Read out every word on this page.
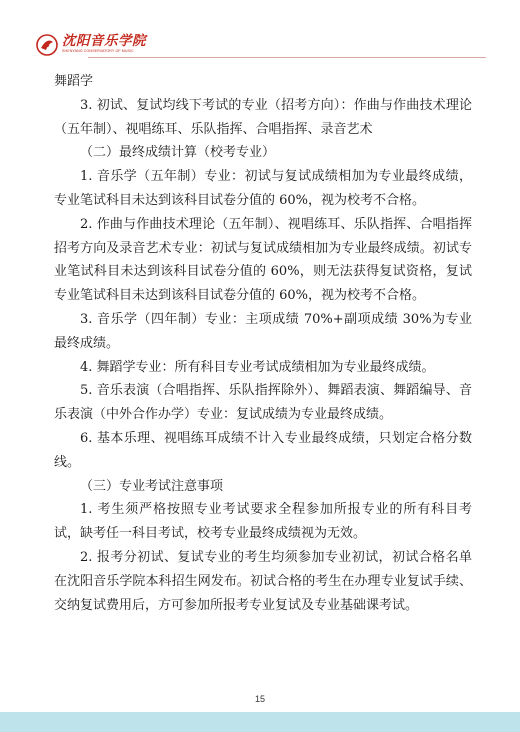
沈阳音乐学院
SHENYANG CONSERVATORY OF MUSIC

舞蹈学

3. 初试、复试均线下考试的专业（招考方向）：作曲与作曲技术理论（五年制）、视唱练耳、乐队指挥、合唱指挥、录音艺术

（二）最终成绩计算（校考专业）

1. 音乐学（五年制）专业：初试与复试成绩相加为专业最终成绩，专业笔试科目未达到该科目试卷分值的 60%，视为校考不合格。

2. 作曲与作曲技术理论（五年制）、视唱练耳、乐队指挥、合唱指挥招考方向及录音艺术专业：初试与复试成绩相加为专业最终成绩。初试专业笔试科目未达到该科目试卷分值的 60%，则无法获得复试资格，复试专业笔试科目未达到该科目试卷分值的 60%，视为校考不合格。

3. 音乐学（四年制）专业：主项成绩 70%+副项成绩 30%为专业最终成绩。

4. 舞蹈学专业：所有科目专业考试成绩相加为专业最终成绩。

5. 音乐表演（合唱指挥、乐队指挥除外）、舞蹈表演、舞蹈编导、音乐表演（中外合作办学）专业：复试成绩为专业最终成绩。

6. 基本乐理、视唱练耳成绩不计入专业最终成绩，只划定合格分数线。

（三）专业考试注意事项

1. 考生须严格按照专业考试要求全程参加所报专业的所有科目考试，缺考任一科目考试，校考专业最终成绩视为无效。

2. 报考分初试、复试专业的考生均须参加专业初试，初试合格名单在沈阳音乐学院本科招生网发布。初试合格的考生在办理专业复试手续、交纳复试费用后，方可参加所报考专业复试及专业基础课考试。

15
